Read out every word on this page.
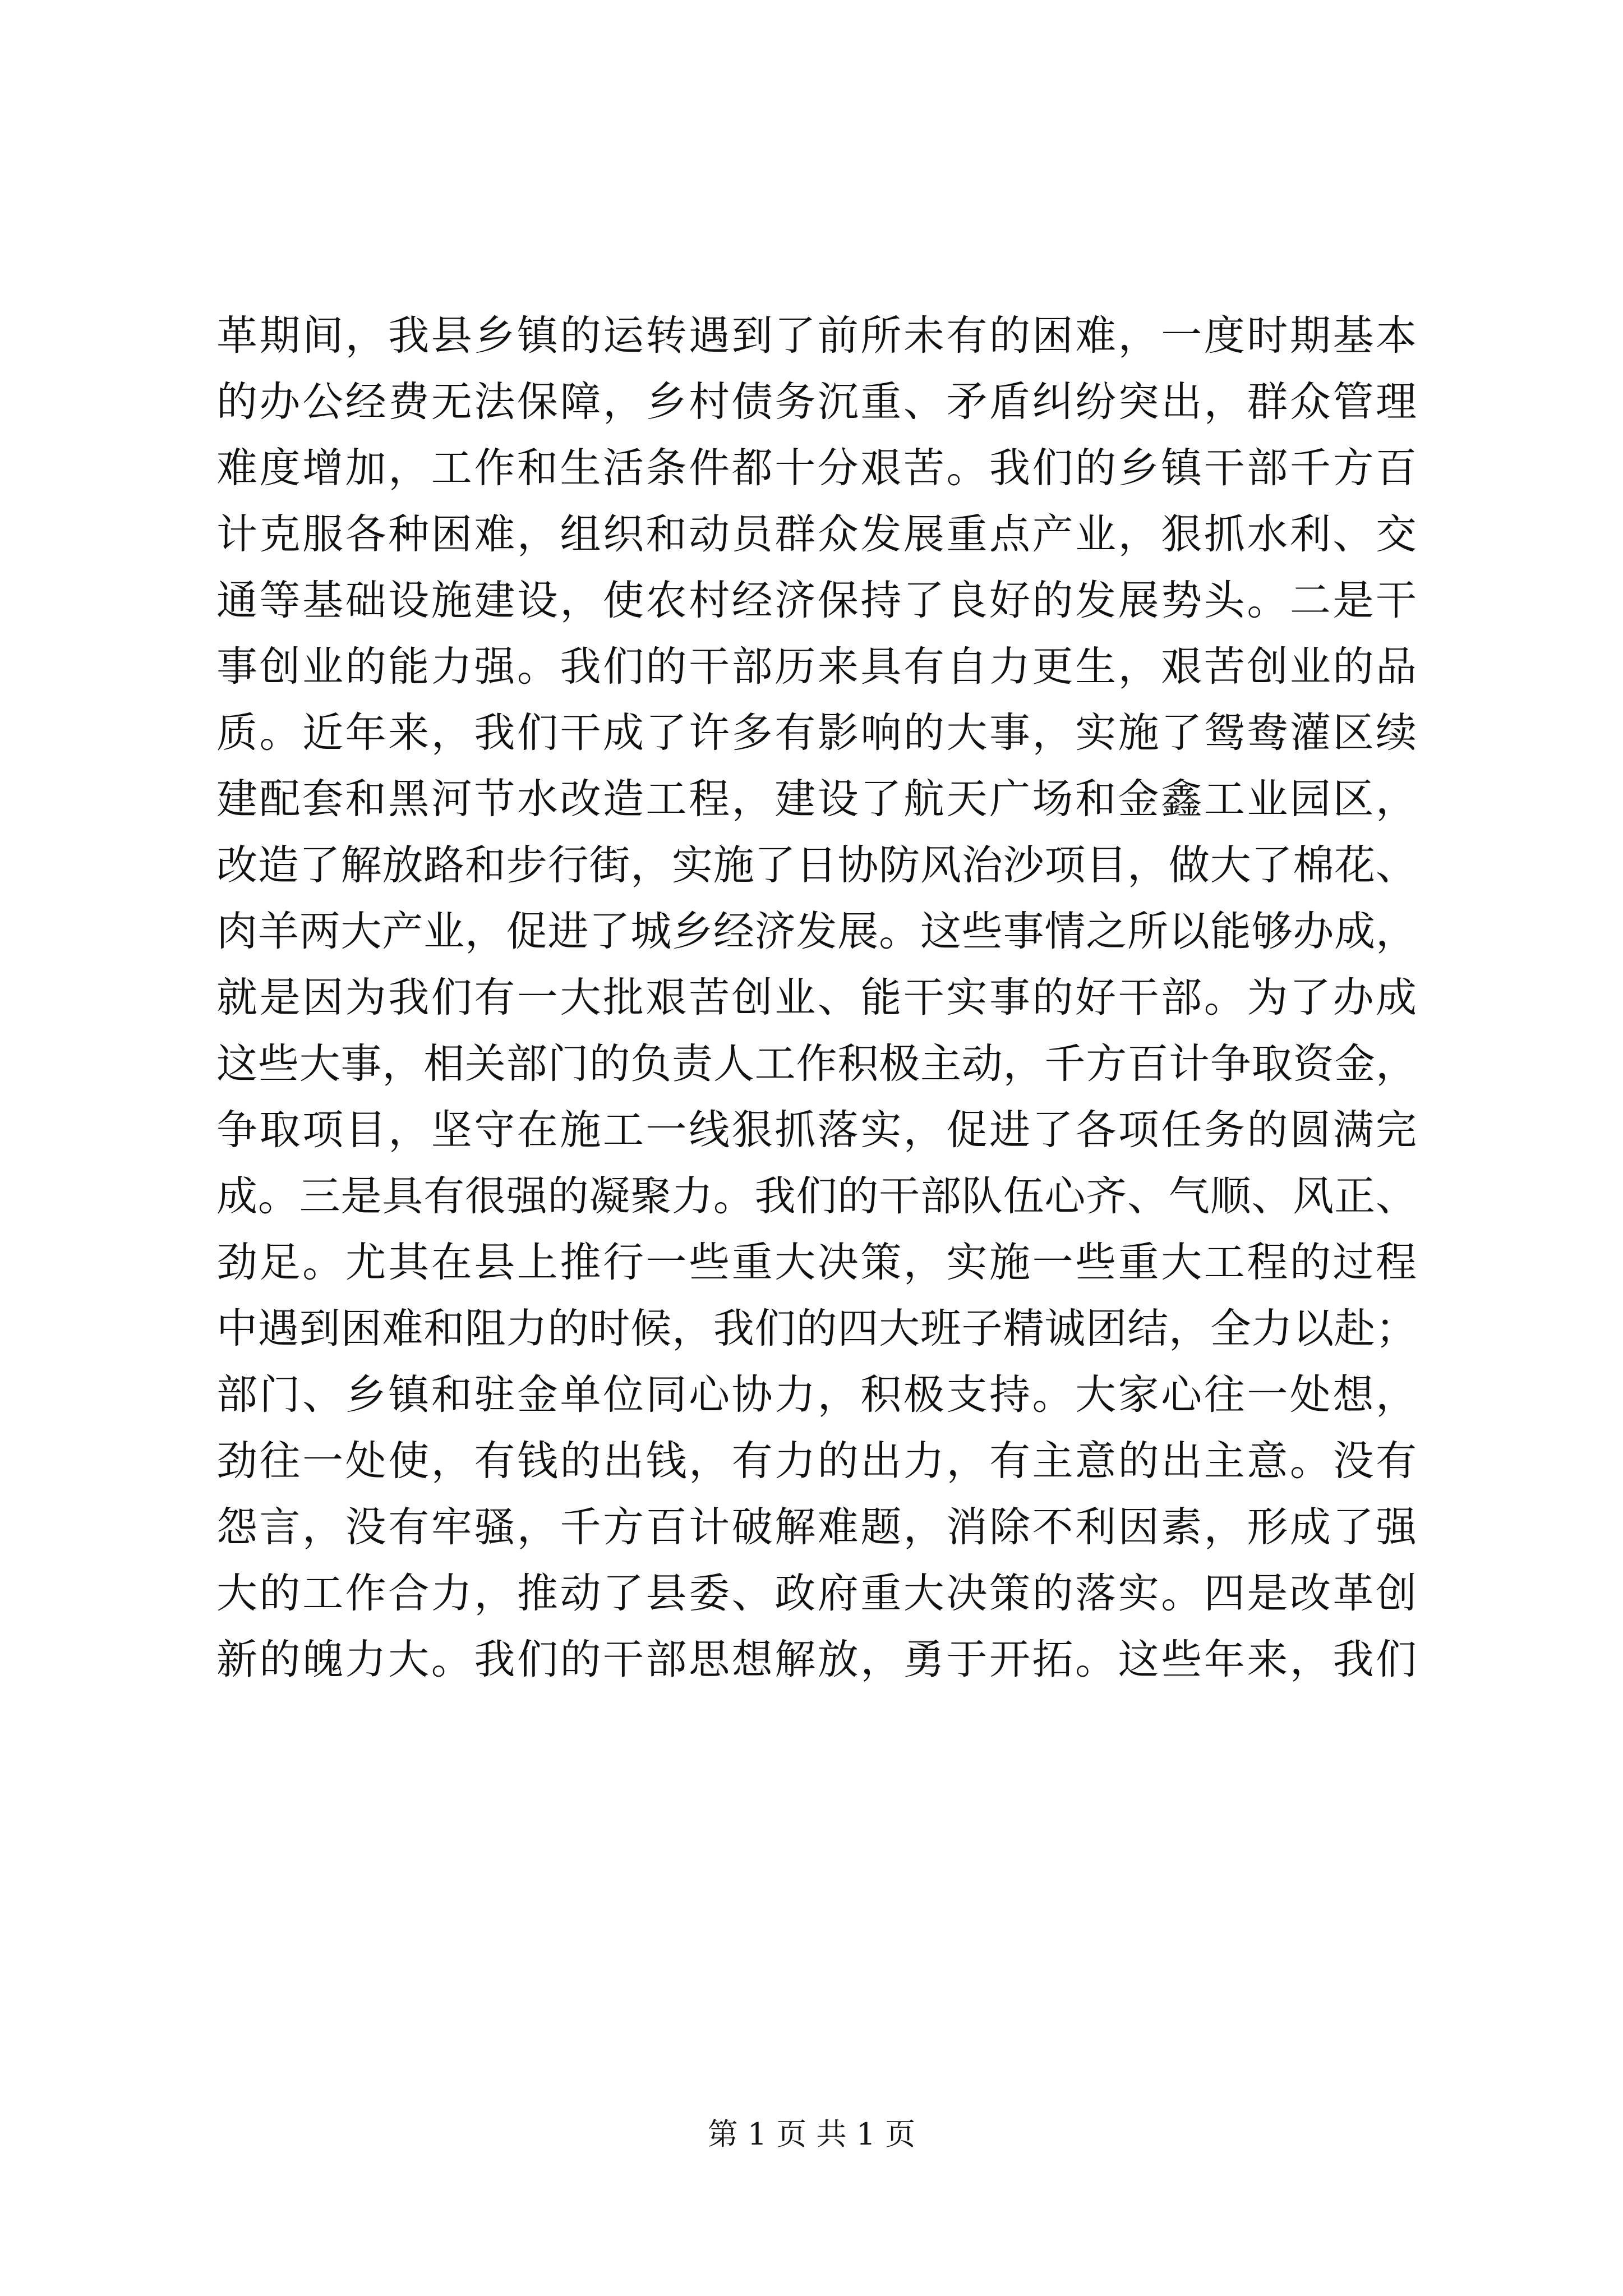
革期间，我县乡镇的运转遇到了前所未有的困难，一度时期基本
的办公经费无法保障，乡村债务沉重、矛盾纠纷突出，群众管理
难度增加，工作和生活条件都十分艰苦。我们的乡镇干部千方百
计克服各种困难，组织和动员群众发展重点产业，狠抓水利、交
通等基础设施建设，使农村经济保持了良好的发展势头。二是干
事创业的能力强。我们的干部历来具有自力更生，艰苦创业的品
质。近年来，我们干成了许多有影响的大事，实施了鸳鸯灌区续
建配套和黑河节水改造工程，建设了航天广场和金鑫工业园区，
改造了解放路和步行街，实施了日协防风治沙项目，做大了棉花、
肉羊两大产业，促进了城乡经济发展。这些事情之所以能够办成，
就是因为我们有一大批艰苦创业、能干实事的好干部。为了办成
这些大事，相关部门的负责人工作积极主动，千方百计争取资金，
争取项目，坚守在施工一线狠抓落实，促进了各项任务的圆满完
成。三是具有很强的凝聚力。我们的干部队伍心齐、气顺、风正、
劲足。尤其在县上推行一些重大决策，实施一些重大工程的过程
中遇到困难和阻力的时候，我们的四大班子精诚团结，全力以赴；
部门、乡镇和驻金单位同心协力，积极支持。大家心往一处想，
劲往一处使，有钱的出钱，有力的出力，有主意的出主意。没有
怨言，没有牢骚，千方百计破解难题，消除不利因素，形成了强
大的工作合力，推动了县委、政府重大决策的落实。四是改革创
新的魄力大。我们的干部思想解放，勇于开拓。这些年来，我们
第 1 页 共 1 页
